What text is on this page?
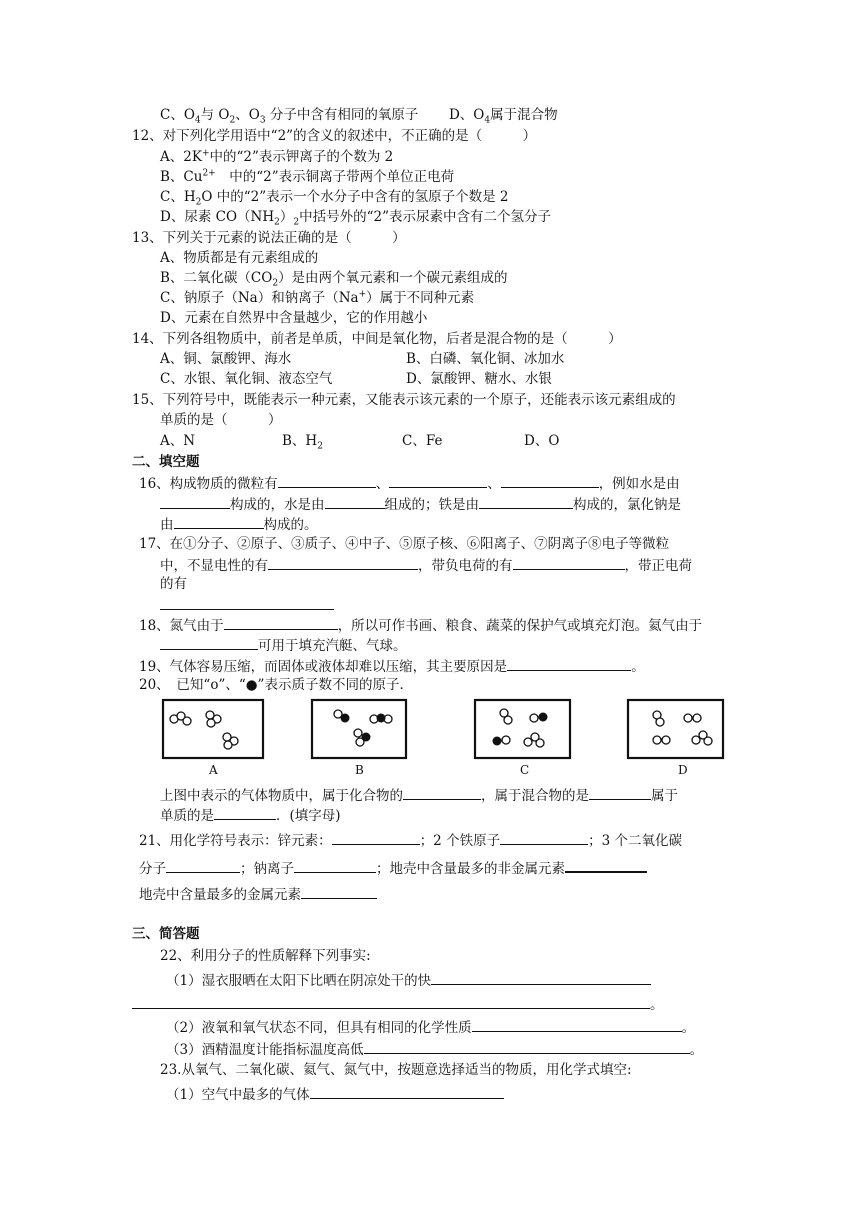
C、$O_4$与 $O_2$、$O_3$ 分子中含有相同的氧原子 D、$O_4$属于混合物
12、对下列化学用语中“2”的含义的叙述中，不正确的是（　　　）
A、2K+中的“2”表示钾离子的个数为 2
B、$Cu^{2+}$　中的“2”表示铜离子带两个单位正电荷
C、$H_2O$ 中的“2”表示一个水分子中含有的氢原子个数是 2
D、尿素 $CO(NH_2)_2$中括号外的“2”表示尿素中含有二个氢分子
13、下列关于元素的说法正确的是（　　　）
A、物质都是有元素组成的
B、二氧化碳$(CO_2)$是由两个氧元素和一个碳元素组成的
C、钠原子（Na）和钠离子（Na+）属于不同种元素
D、元素在自然界中含量越少，它的作用越小
14、下列各组物质中，前者是单质，中间是氧化物，后者是混合物的是（　　　）
A、铜、氯酸钾、海水	B、白磷、氧化铜、冰加水
C、水银、氧化铜、液态空气	D、氯酸钾、糖水、水银
15、下列符号中，既能表示一种元素，又能表示该元素的一个原子，还能表示该元素组成的
单质的是（　　　）
A、N	B、$H_2$	C、Fe	D、O
二、填空题
16、构成物质的微粒有	、	、	，例如水是由
构成的，水是由	组成的；铁是由	构成的，氯化钠是
由	构成的。
17、在①分子、②原子、③质子、④中子、⑤原子核、⑥阳离子、⑦阴离子⑧电子等微粒
中，不显电性的有	，带负电荷的有	，带正电荷
的有
18、氮气由于	，所以可作书画、粮食、蔬菜的保护气或填充灯泡。氦气由于
可用于填充汽艇、气球。
19、气体容易压缩，而固体或液体却难以压缩，其主要原因是	。
20、　已知“o”、“●”表示质子数不同的原子．
A	B	C	D
上图中表示的气体物质中，属于化合物的	，属于混合物的是	属于
单质的是	．(填字母)
21、用化学符号表示：锌元素：	；2 个铁原子	；3 个二氧化碳
分子	；钠离子	；地壳中含量最多的非金属元素
地壳中含量最多的金属元素
三、简答题
22、利用分子的性质解释下列事实:
（1）湿衣服晒在太阳下比晒在阴凉处干的快
。
（2）液氧和氧气状态不同，但具有相同的化学性质	。
（3）酒精温度计能指标温度高低	。
23.从氧气、二氧化碳、氦气、氮气中，按题意选择适当的物质，用化学式填空:
（1）空气中最多的气体
